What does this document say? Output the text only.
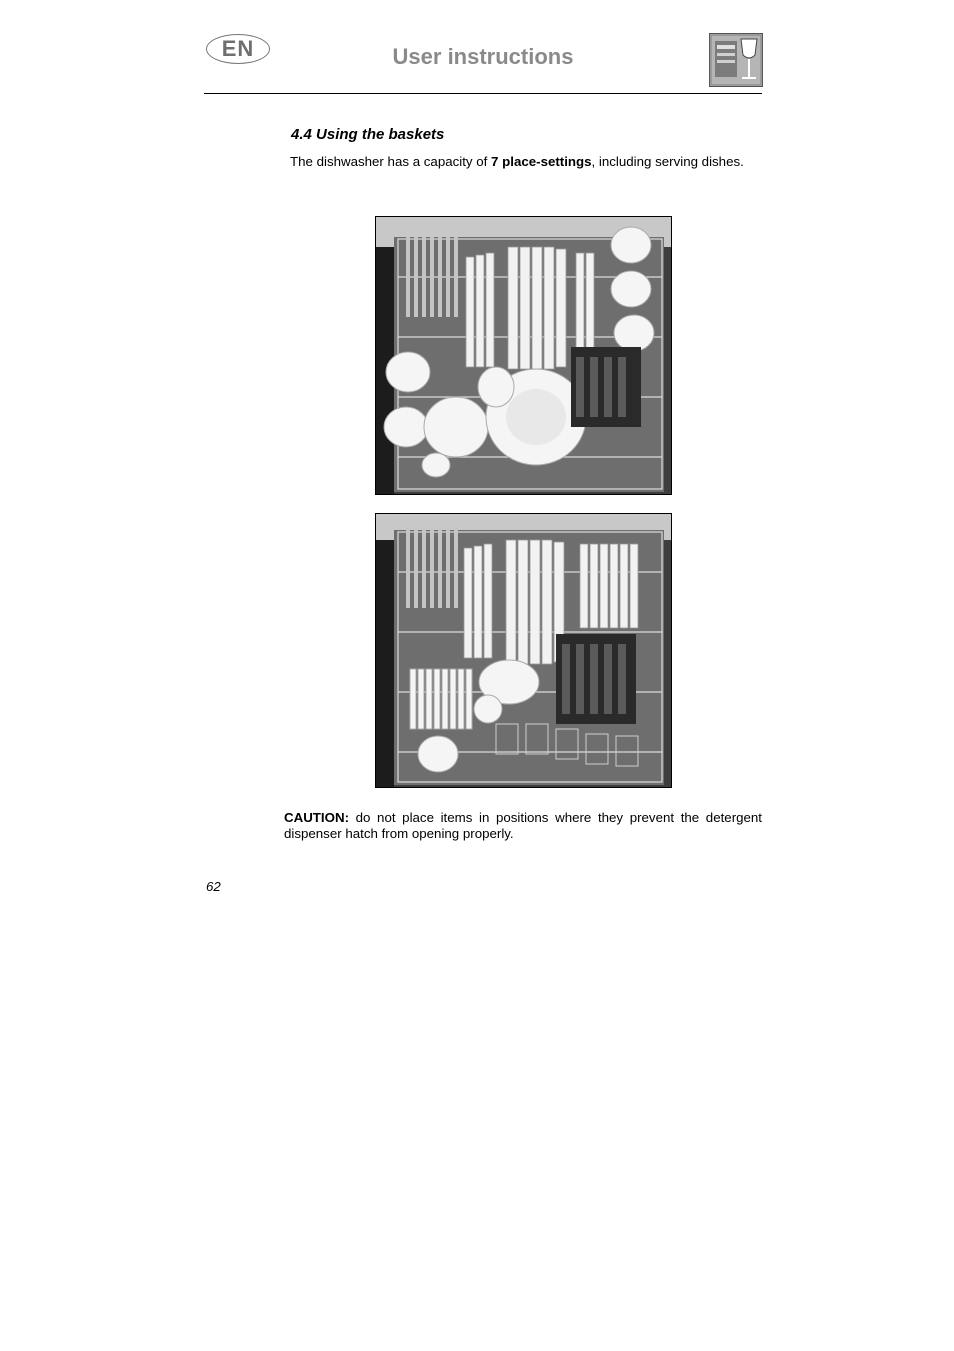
EN	User instructions
4.4 Using the baskets
The dishwasher has a capacity of 7 place-settings, including serving dishes.
CAUTION: do not place items in positions where they prevent the detergent dispenser hatch from opening properly.
62
